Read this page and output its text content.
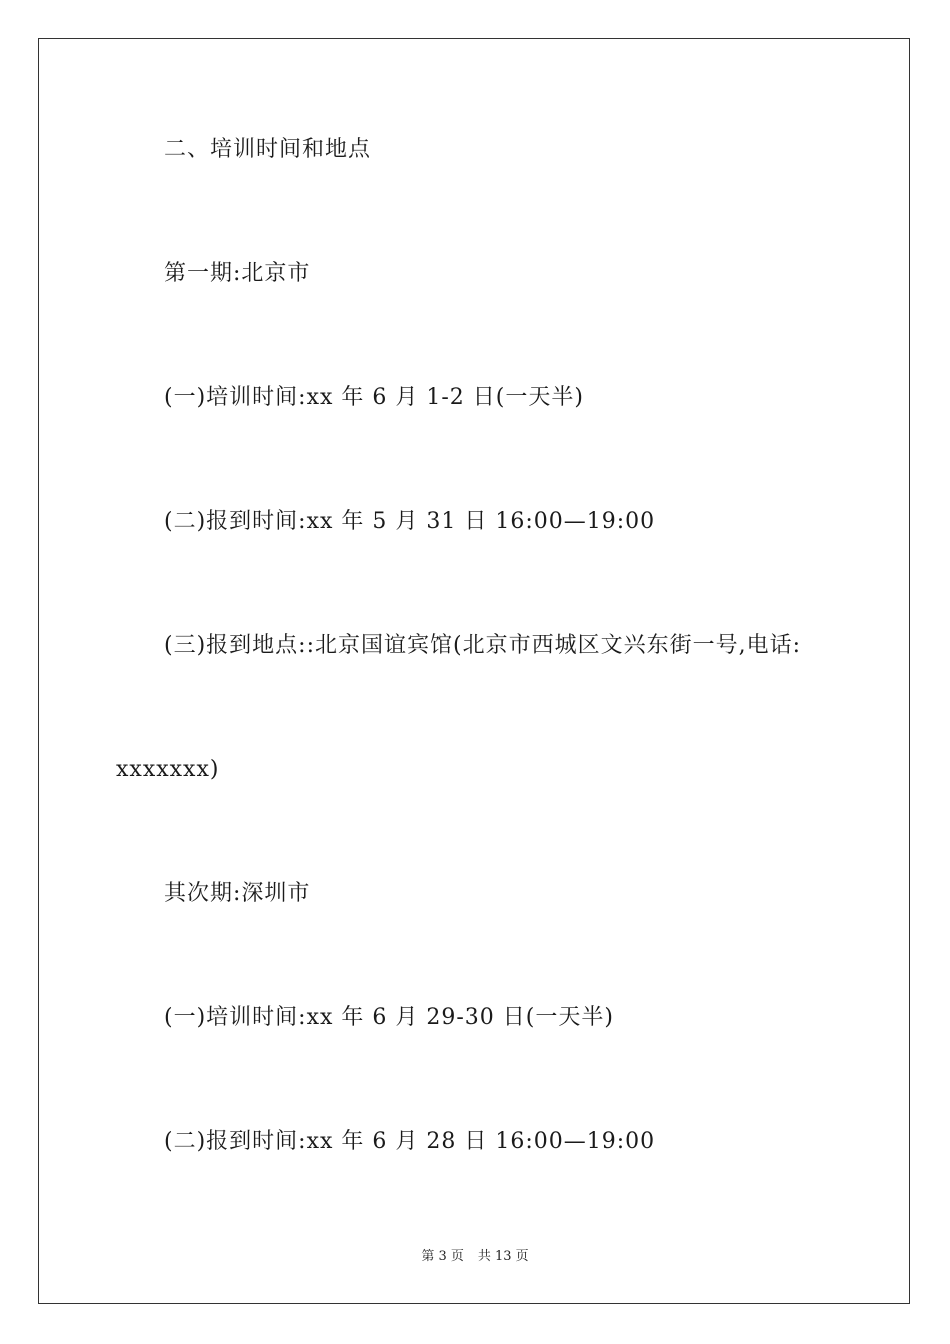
二、培训时间和地点
第一期:北京市
(一)培训时间:xx 年 6 月 1-2 日(一天半)
(二)报到时间:xx 年 5 月 31 日 16:00—19:00
(三)报到地点::北京国谊宾馆(北京市西城区文兴东街一号,电话:
xxxxxxx)
其次期:深圳市
(一)培训时间:xx 年 6 月 29-30 日(一天半)
(二)报到时间:xx 年 6 月 28 日 16:00—19:00
第 3 页 共 13 页
